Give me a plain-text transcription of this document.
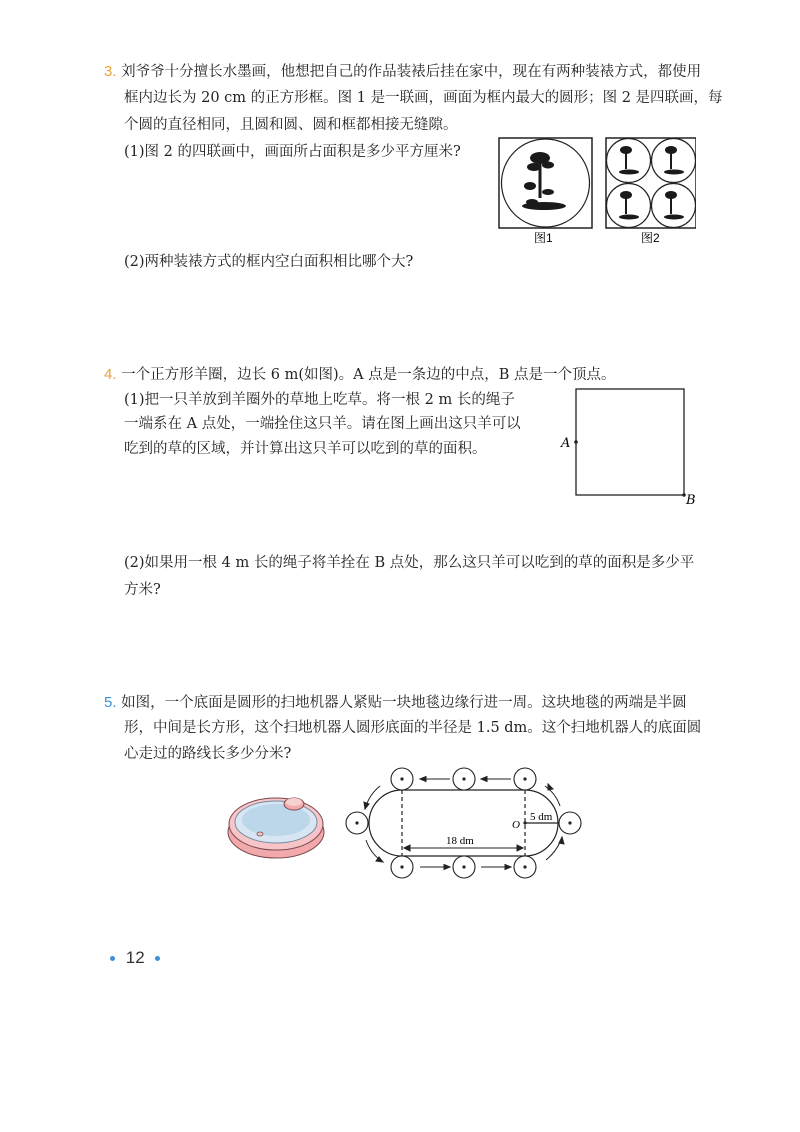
3. 刘爷爷十分擅长水墨画，他想把自己的作品装裱后挂在家中，现在有两种装裱方式，都使用
框内边长为 20 cm 的正方形框。图 1 是一联画，画面为框内最大的圆形；图 2 是四联画，每
个圆的直径相同，且圆和圆、圆和框都相接无缝隙。
(1)图 2 的四联画中，画面所占面积是多少平方厘米?
(2)两种装裱方式的框内空白面积相比哪个大?
图1	图2
4. 一个正方形羊圈，边长 6 m(如图)。A 点是一条边的中点，B 点是一个顶点。
(1)把一只羊放到羊圈外的草地上吃草。将一根 2 m 长的绳子
一端系在 A 点处，一端拴住这只羊。请在图上画出这只羊可以
吃到的草的区域，并计算出这只羊可以吃到的草的面积。
(2)如果用一根 4 m 长的绳子将羊拴在 B 点处，那么这只羊可以吃到的草的面积是多少平
方米?
A
B
5. 如图，一个底面是圆形的扫地机器人紧贴一块地毯边缘行进一周。这块地毯的两端是半圆
形，中间是长方形，这个扫地机器人圆形底面的半径是 1.5 dm。这个扫地机器人的底面圆
心走过的路线长多少分米?
18 dm
O
5 dm
12
